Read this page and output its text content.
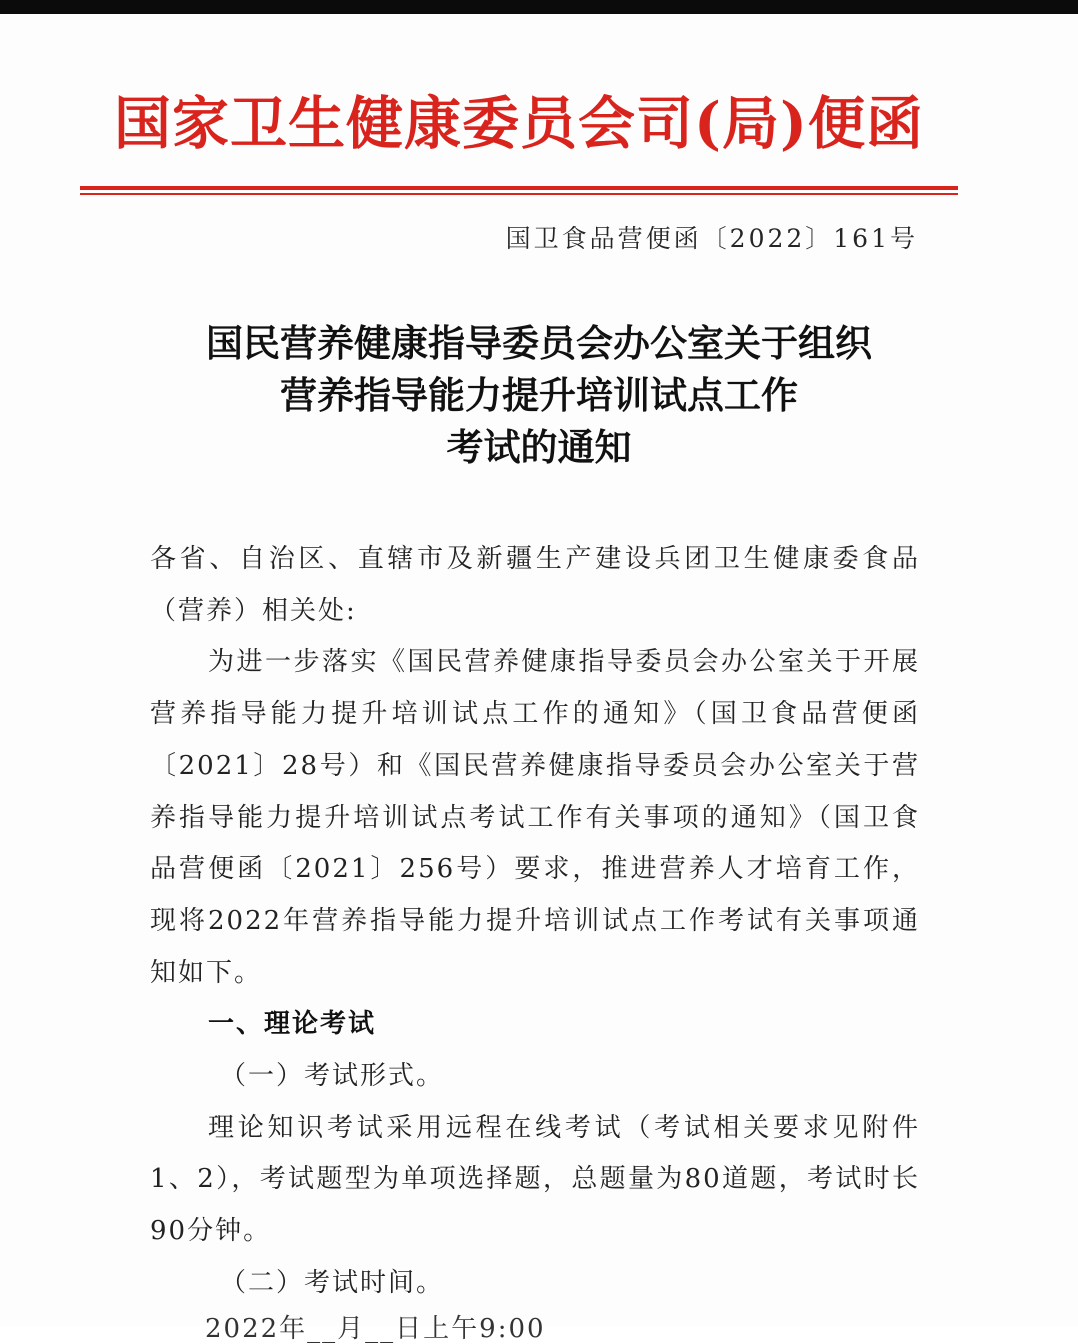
国家卫生健康委员会司(局)便函
国卫食品营便函〔2022〕161号
国民营养健康指导委员会办公室关于组织
营养指导能力提升培训试点工作
考试的通知

各省、自治区、直辖市及新疆生产建设兵团卫生健康委食品（营养）相关处:

为进一步落实《国民营养健康指导委员会办公室关于开展营养指导能力提升培训试点工作的通知》（国卫食品营便函〔2021〕28号）和《国民营养健康指导委员会办公室关于营养指导能力提升培训试点考试工作有关事项的通知》（国卫食品营便函〔2021〕256号）要求，推进营养人才培育工作，现将2022年营养指导能力提升培训试点工作考试有关事项通知如下。

一、理论考试

（一）考试形式。

理论知识考试采用远程在线考试（考试相关要求见附件1、2），考试题型为单项选择题，总题量为80道题，考试时长90分钟。

（二）考试时间。

2022年__月__日上午9:00
